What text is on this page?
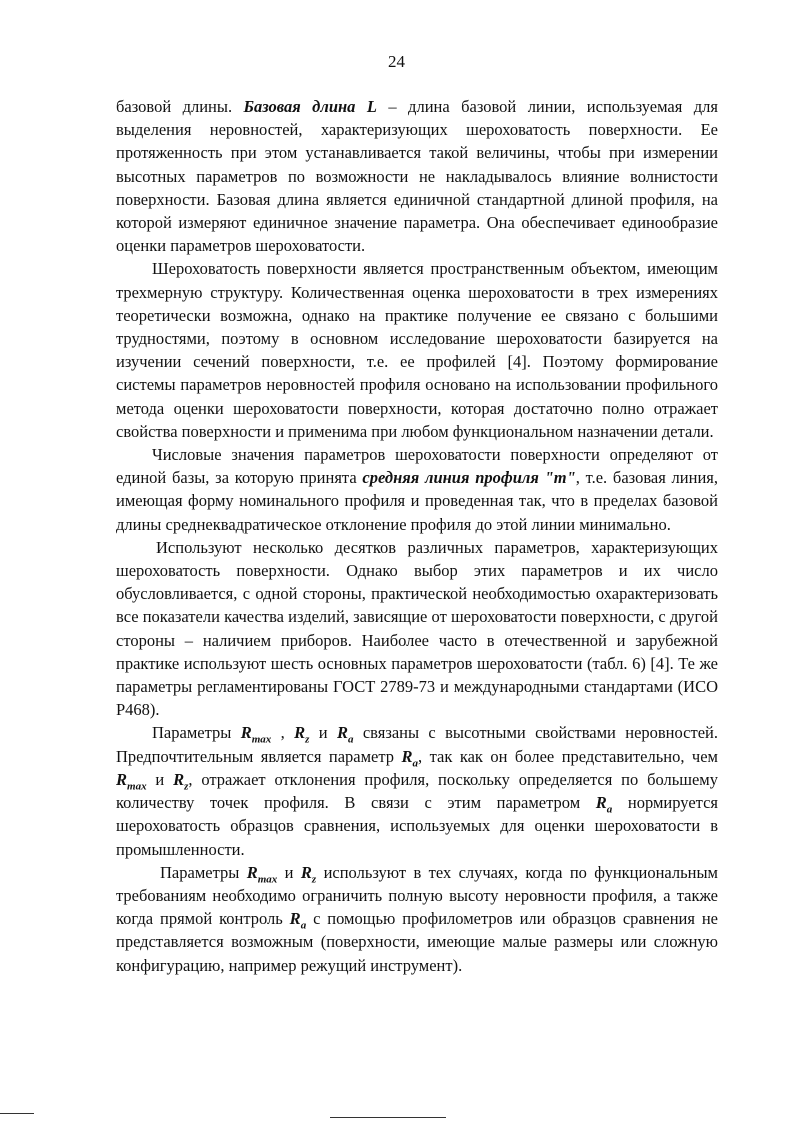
24

базовой длины. Базовая длина L – длина базовой линии, используемая для выделения неровностей, характеризующих шероховатость поверхности. Ее протяженность при этом устанавливается такой величины, чтобы при измерении высотных параметров по возможности не накладывалось влияние волнистости поверхности. Базовая длина является единичной стандартной длиной профиля, на которой измеряют единичное значение параметра. Она обеспечивает единообразие оценки параметров шероховатости.

Шероховатость поверхности является пространственным объектом, имеющим трехмерную структуру. Количественная оценка шероховатости в трех измерениях теоретически возможна, однако на практике получение ее связано с большими трудностями, поэтому в основном исследование шероховатости базируется на изучении сечений поверхности, т.е. ее профилей [4]. Поэтому формирование системы параметров неровностей профиля основано на использовании профильного метода оценки шероховатости поверхности, которая достаточно полно отражает свойства поверхности и применима при любом функциональном назначении детали.

Числовые значения параметров шероховатости поверхности определяют от единой базы, за которую принята средняя линия профиля "m", т.е. базовая линия, имеющая форму номинального профиля и проведенная так, что в пределах базовой длины среднеквадратическое отклонение профиля до этой линии минимально.

Используют несколько десятков различных параметров, характеризующих шероховатость поверхности. Однако выбор этих параметров и их число обусловливается, с одной стороны, практической необходимостью охарактеризовать все показатели качества изделий, зависящие от шероховатости поверхности, с другой стороны – наличием приборов. Наиболее часто в отечественной и зарубежной практике используют шесть основных параметров шероховатости (табл. 6) [4]. Те же параметры регламентированы ГОСТ 2789-73 и международными стандартами (ИСО Р468).

Параметры $R_{max}$ , $R_z$ и $R_a$ связаны с высотными свойствами неровностей. Предпочтительным является параметр $R_a$, так как он более представительно, чем $R_{max}$ и $R_z$, отражает отклонения профиля, поскольку определяется по большему количеству точек профиля. В связи с этим параметром $R_a$ нормируется шероховатость образцов сравнения, используемых для оценки шероховатости в промышленности.

Параметры $R_{max}$ и $R_z$ используют в тех случаях, когда по функциональным требованиям необходимо ограничить полную высоту неровности профиля, а также когда прямой контроль $R_a$ с помощью профилометров или образцов сравнения не представляется возможным (поверхности, имеющие малые размеры или сложную конфигурацию, например режущий инструмент).
